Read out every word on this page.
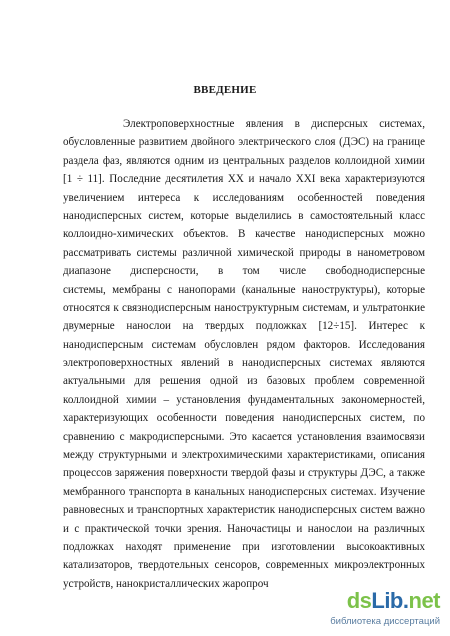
ВВЕДЕНИЕ
Электроповерхностные явления в дисперсных системах,
обусловленные развитием двойного электрического слоя (ДЭС) на границе
раздела фаз, являются одним из центральных разделов коллоидной химии
[1 ÷ 11]. Последние десятилетия XX и начало XXI века характеризуются
увеличением интереса к исследованиям особенностей поведения
нанодисперсных систем, которые выделились в самостоятельный класс
коллоидно-химических объектов. В качестве нанодисперсных можно
рассматривать системы различной химической природы в нанометровом
диапазоне дисперсности, в том числе свободнодисперсные
системы, мембраны с нанопорами (канальные наноструктуры), которые
относятся к связнодисперсным наноструктурным системам, и ультратонкие
двумерные нанослои на твердых подложках [12÷15]. Интерес к
нанодисперсным системам обусловлен рядом факторов. Исследования
электроповерхностных явлений в нанодисперсных системах являются
актуальными для решения одной из базовых проблем современной
коллоидной химии – установления фундаментальных закономерностей,
характеризующих особенности поведения нанодисперсных систем, по
сравнению с макродисперсными. Это касается установления взаимосвязи
между структурными и электрохимическими характеристиками, описания
процессов заряжения поверхности твердой фазы и структуры ДЭС, а также
мембранного транспорта в канальных нанодисперсных системах. Изучение
равновесных и транспортных характеристик нанодисперсных систем важно
и с практической точки зрения. Наночастицы и нанослои на различных
подложках находят применение при изготовлении высокоактивных
катализаторов, твердотельных сенсоров, современных микроэлектронных
устройств, нанокристаллических жаропроч
dsLib.net
библиотека диссертаций
